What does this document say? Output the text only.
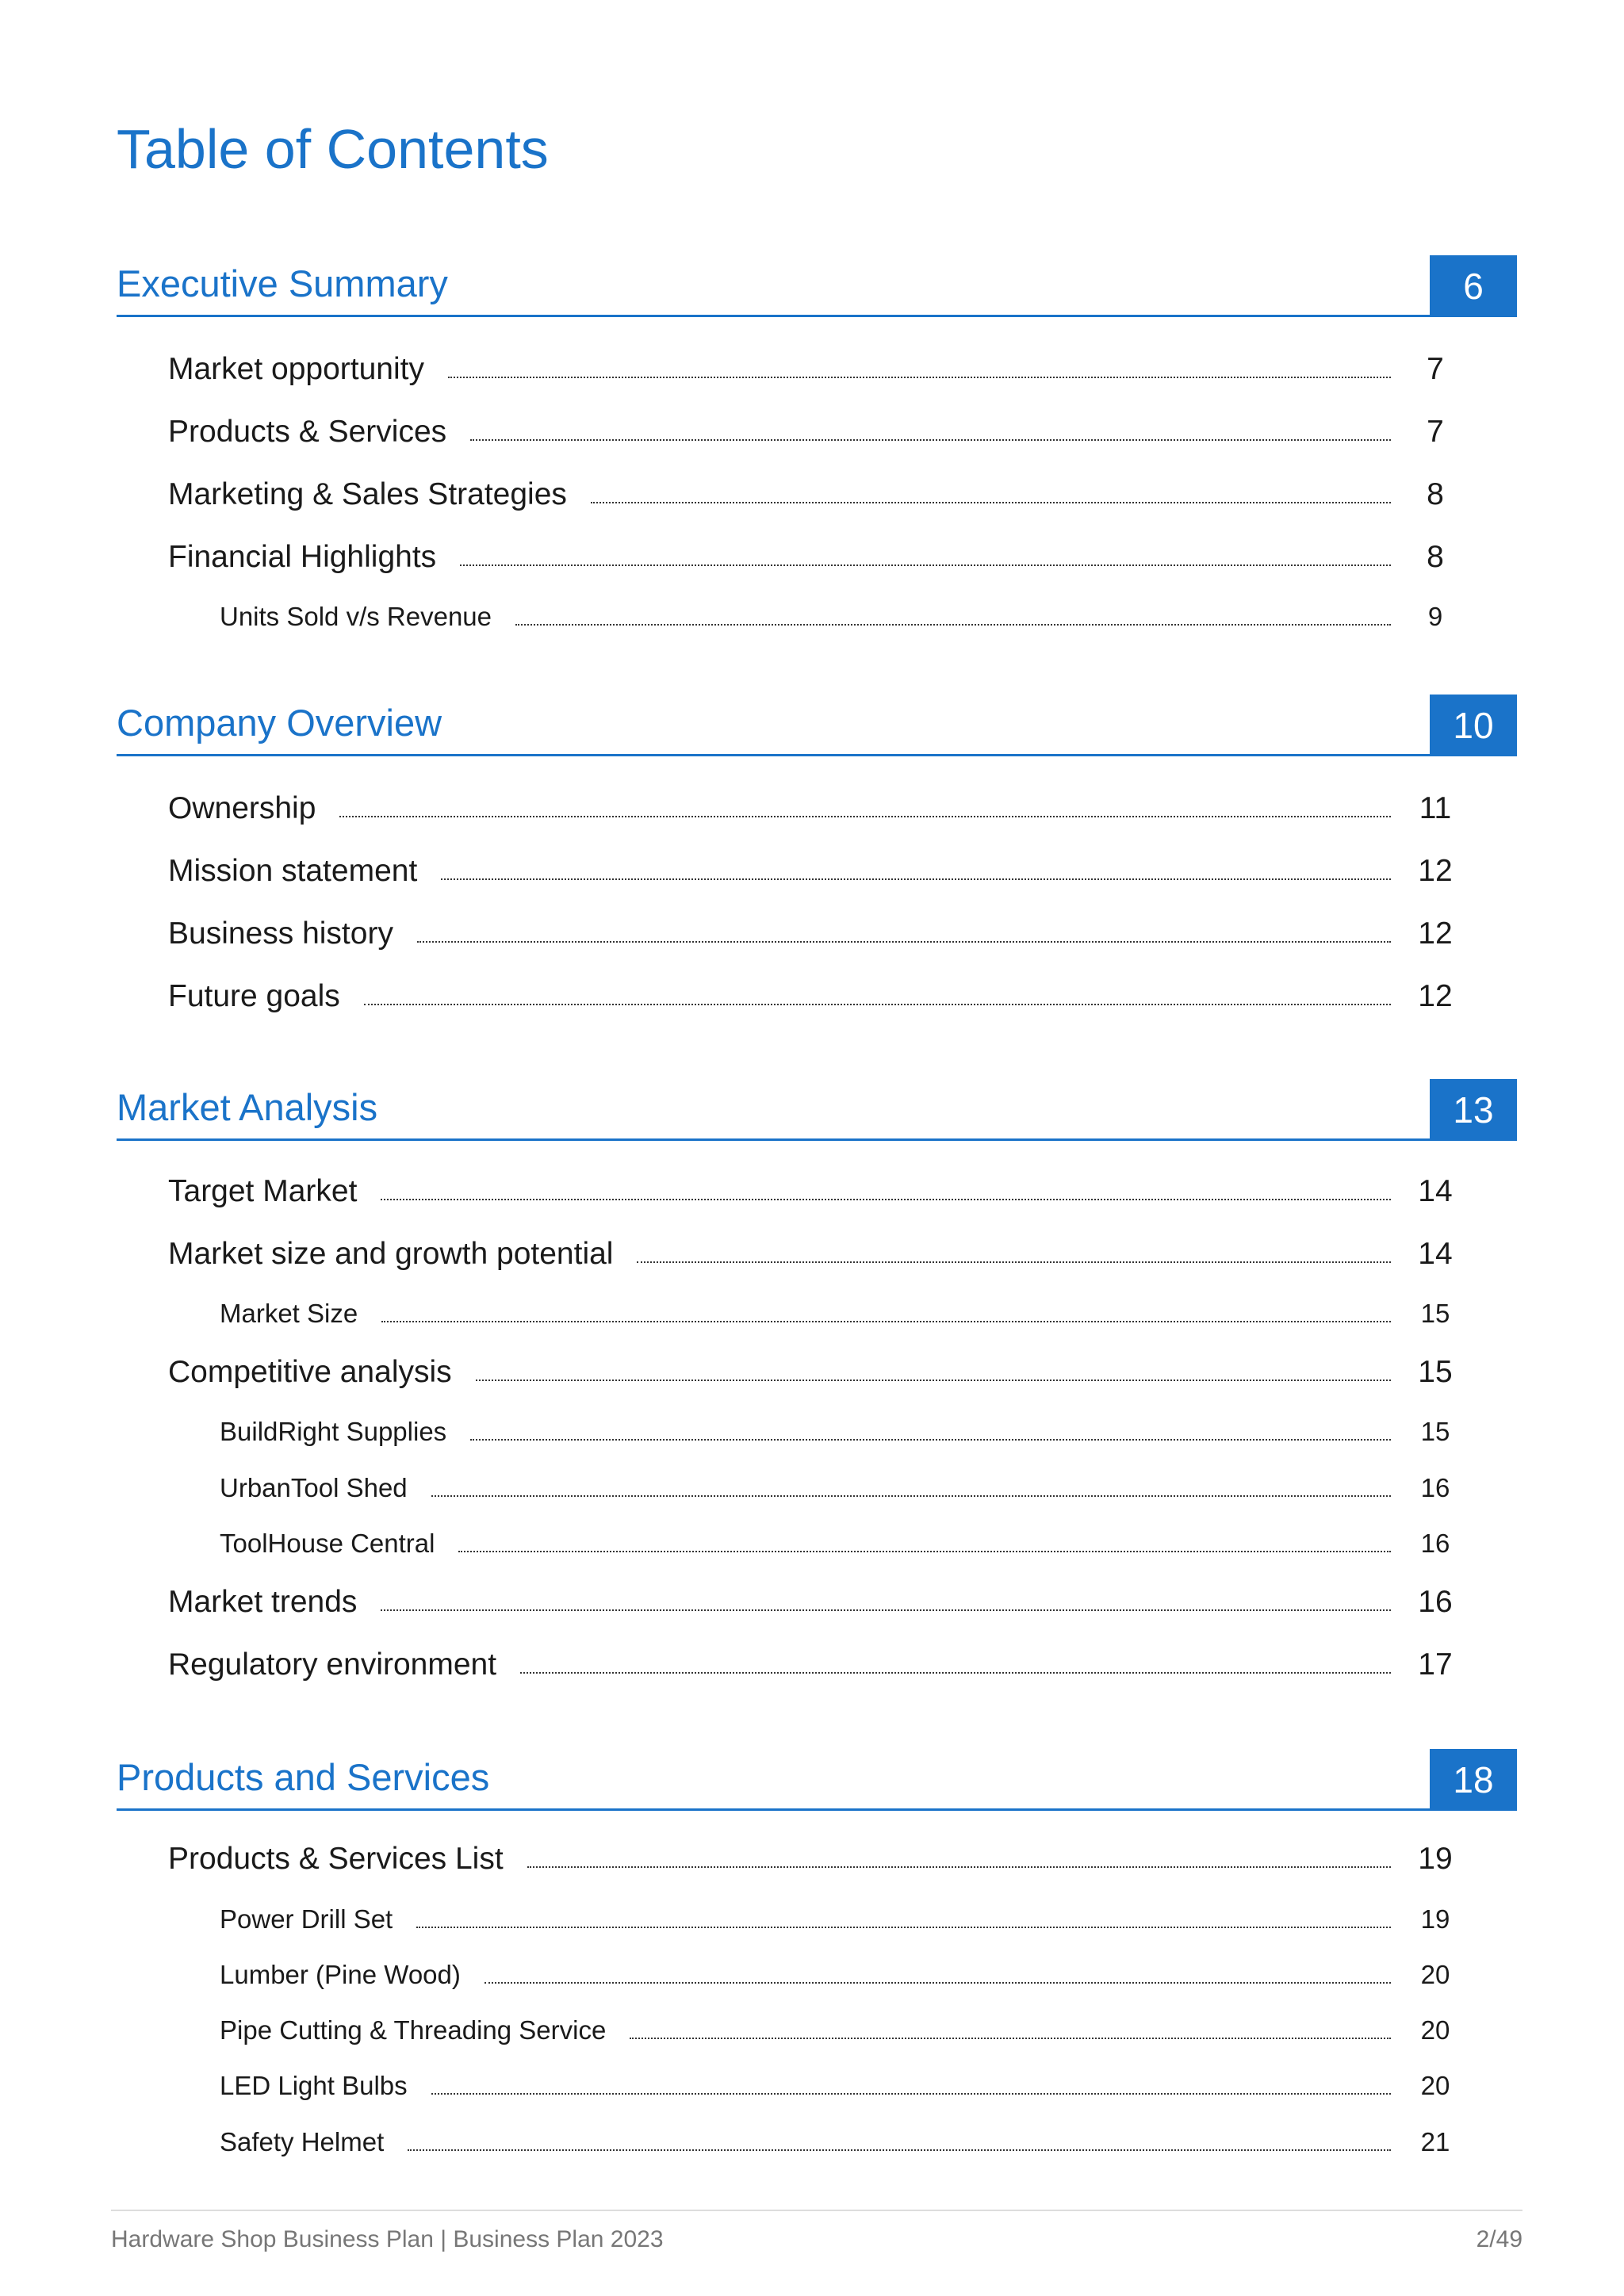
Table of Contents
Executive Summary	6
Market opportunity	7
Products & Services	7
Marketing & Sales Strategies	8
Financial Highlights	8
Units Sold v/s Revenue	9
Company Overview	10
Ownership	11
Mission statement	12
Business history	12
Future goals	12
Market Analysis	13
Target Market	14
Market size and growth potential	14
Market Size	15
Competitive analysis	15
BuildRight Supplies	15
UrbanTool Shed	16
ToolHouse Central	16
Market trends	16
Regulatory environment	17
Products and Services	18
Products & Services List	19
Power Drill Set	19
Lumber (Pine Wood)	20
Pipe Cutting & Threading Service	20
LED Light Bulbs	20
Safety Helmet	21
Hardware Shop Business Plan | Business Plan 2023	2/49
